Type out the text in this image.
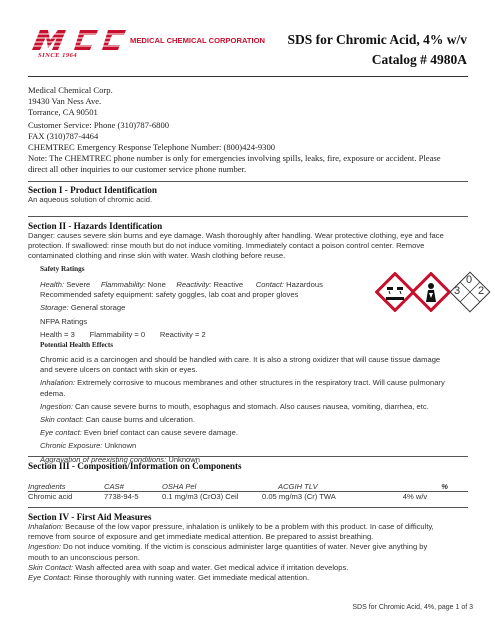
MEDICAL CHEMICAL CORPORATION
SINCE 1964
SDS for Chromic Acid, 4% w/v
Catalog # 4980A
Medical Chemical Corp.
19430 Van Ness Ave.
Torrance, CA 90501
Customer Service: Phone (310)787-6800
FAX (310)787-4464
CHEMTREC Emergency Response Telephone Number: (800)424-9300
Note: The CHEMTREC phone number is only for emergencies involving spills, leaks, fire, exposure or accident. Please
direct all other inquiries to our customer service phone number.
Section I - Product Identification
An aqueous solution of chromic acid.
Section II - Hazards Identification
Danger: causes severe skin burns and eye damage. Wash thoroughly after handling. Wear protective clothing, eye and face
protection. If swallowed: rinse mouth but do not induce vomiting. Immediately contact a poison control center. Remove
contaminated clothing and rinse skin with water. Wash clothing before reuse.
Safety Ratings
Health: Severe Flammability: None Reactivity: Reactive Contact: Hazardous
Recommended safety equipment: safety goggles, lab coat and proper gloves
Storage: General storage
NFPA Ratings
Health = 3 Flammability = 0 Reactivity = 2
0
3 2
Potential Health Effects
Chromic acid is a carcinogen and should be handled with care. It is also a strong oxidizer that will cause tissue damage
and severe ulcers on contact with skin or eyes.
Inhalation: Extremely corrosive to mucous membranes and other structures in the respiratory tract. Will cause pulmonary
edema.
Ingestion: Can cause severe burns to mouth, esophagus and stomach. Also causes nausea, vomiting, diarrhea, etc.
Skin contact: Can cause burns and ulceration.
Eye contact: Even brief contact can cause severe damage.
Chronic Exposure: Unknown
Aggravation of preexisting conditions: Unknown
Section III - Composition/Information on Components
Ingredients	CAS#	OSHA Pel	ACGIH TLV	%
Chromic acid	7738-94-5	0.1 mg/m3 (CrO3) Ceil	0.05 mg/m3 (Cr) TWA	4% w/v
Section IV - First Aid Measures
Inhalation: Because of the low vapor pressure, inhalation is unlikely to be a problem with this product. In case of difficulty,
remove from source of exposure and get immediate medical attention. Be prepared to assist breathing.
Ingestion: Do not induce vomiting. If the victim is conscious administer large quantities of water. Never give anything by
mouth to an unconscious person.
Skin Contact: Wash affected area with soap and water. Get medical advice if irritation develops.
Eye Contact: Rinse thoroughly with running water. Get immediate medical attention.
SDS for Chromic Acid, 4%, page 1 of 3
